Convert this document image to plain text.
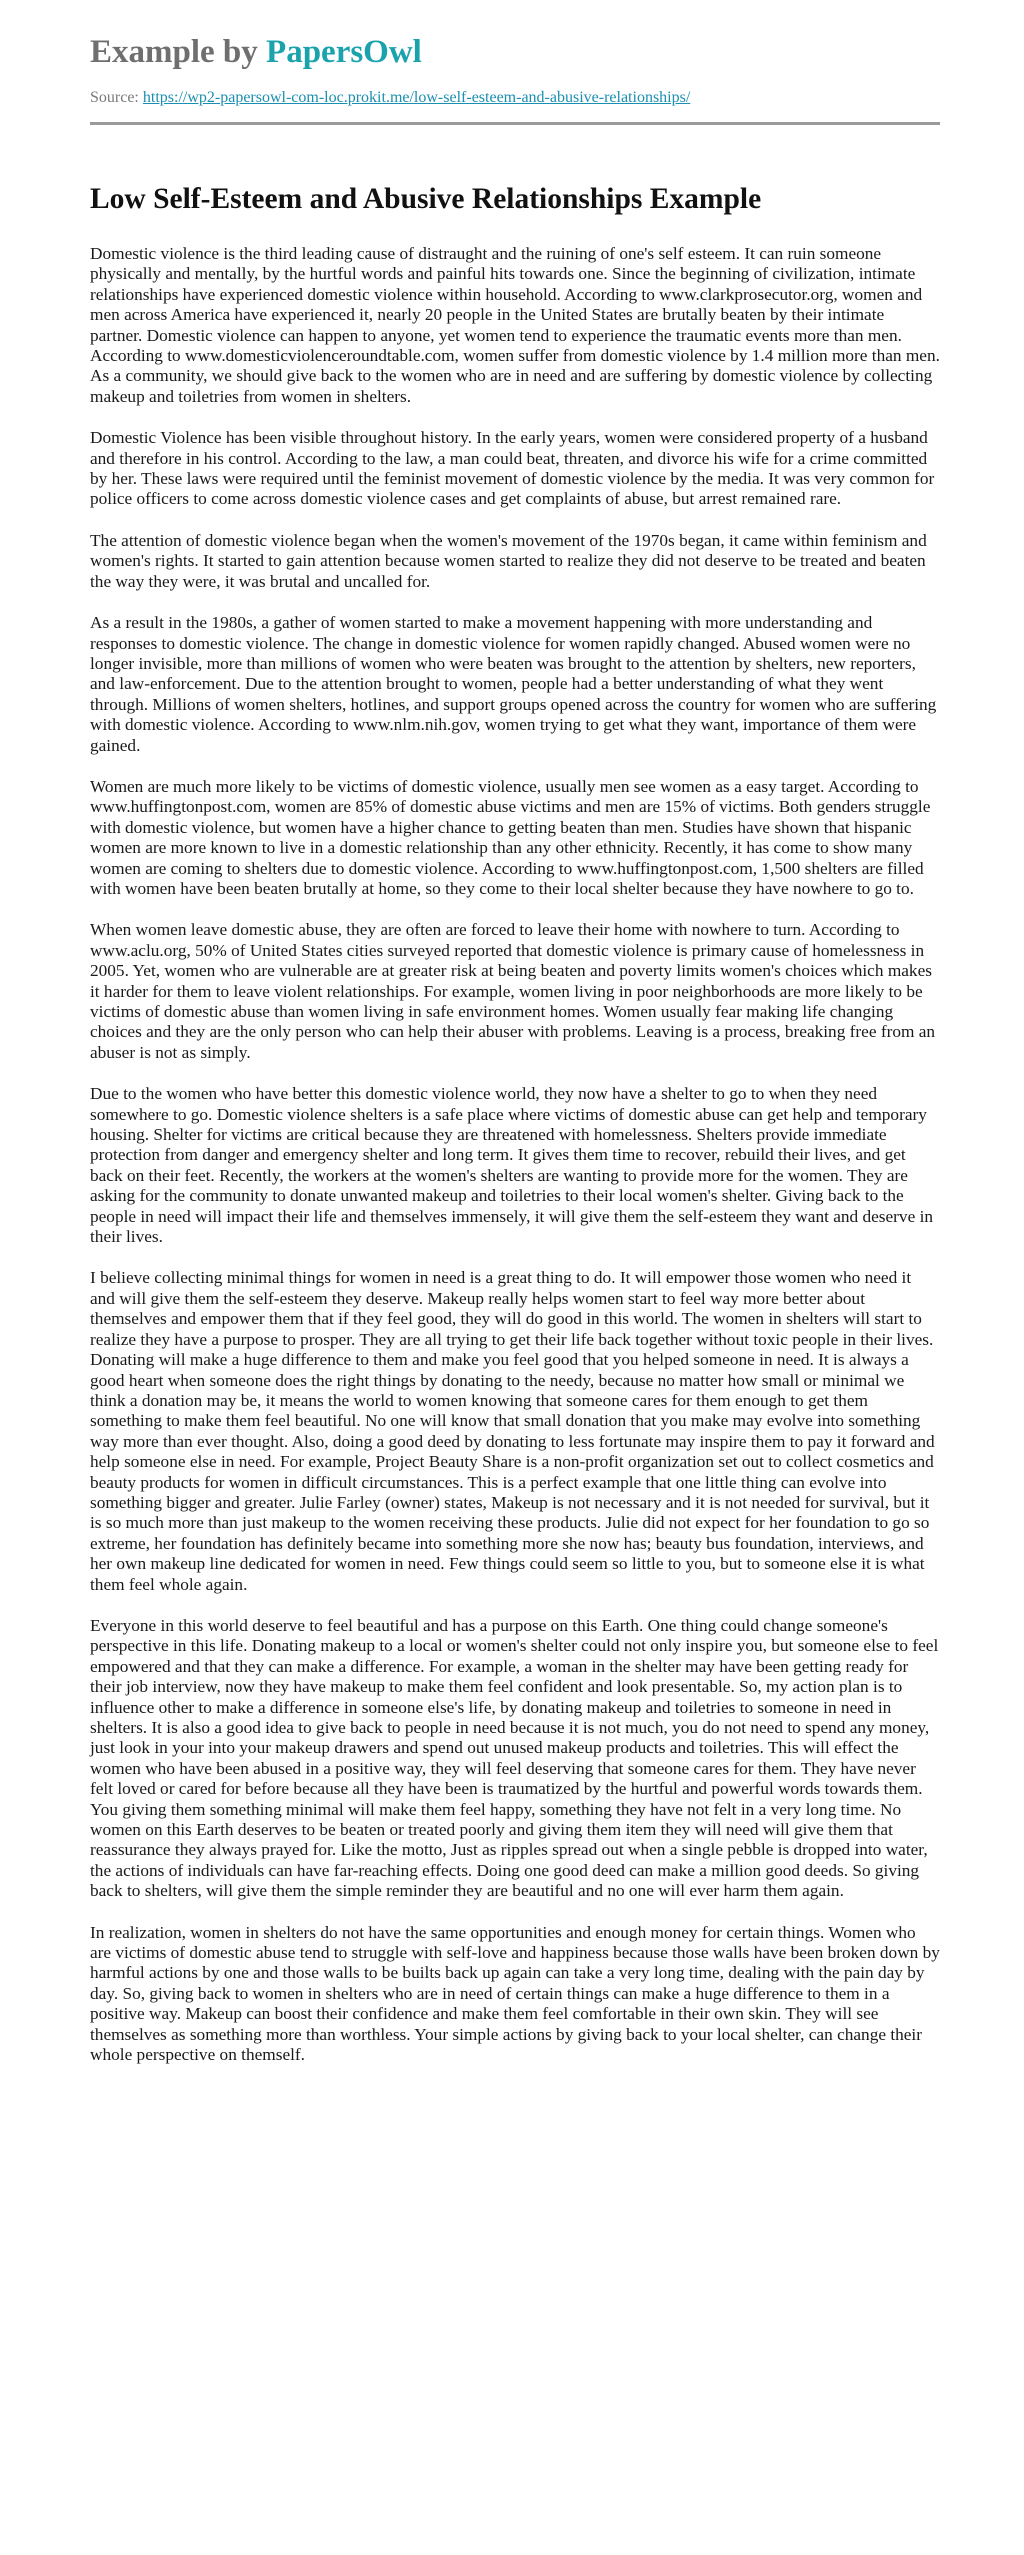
Example by PapersOwl
Source: https://wp2-papersowl-com-loc.prokit.me/low-self-esteem-and-abusive-relationships/
Low Self-Esteem and Abusive Relationships Example

Domestic violence is the third leading cause of distraught and the ruining of one's self esteem. It can ruin someone physically and mentally, by the hurtful words and painful hits towards one. Since the beginning of civilization, intimate relationships have experienced domestic violence within household. According to www.clarkprosecutor.org, women and men across America have experienced it, nearly 20 people in the United States are brutally beaten by their intimate partner. Domestic violence can happen to anyone, yet women tend to experience the traumatic events more than men. According to www.domesticviolenceroundtable.com, women suffer from domestic violence by 1.4 million more than men. As a community, we should give back to the women who are in need and are suffering by domestic violence by collecting makeup and toiletries from women in shelters.

Domestic Violence has been visible throughout history. In the early years, women were considered property of a husband and therefore in his control. According to the law, a man could beat, threaten, and divorce his wife for a crime committed by her. These laws were required until the feminist movement of domestic violence by the media. It was very common for police officers to come across domestic violence cases and get complaints of abuse, but arrest remained rare.

The attention of domestic violence began when the women's movement of the 1970s began, it came within feminism and women's rights. It started to gain attention because women started to realize they did not deserve to be treated and beaten the way they were, it was brutal and uncalled for.

As a result in the 1980s, a gather of women started to make a movement happening with more understanding and responses to domestic violence. The change in domestic violence for women rapidly changed. Abused women were no longer invisible, more than millions of women who were beaten was brought to the attention by shelters, new reporters, and law-enforcement. Due to the attention brought to women, people had a better understanding of what they went through. Millions of women shelters, hotlines, and support groups opened across the country for women who are suffering with domestic violence. According to www.nlm.nih.gov, women trying to get what they want, importance of them were gained.

Women are much more likely to be victims of domestic violence, usually men see women as a easy target. According to www.huffingtonpost.com, women are 85% of domestic abuse victims and men are 15% of victims. Both genders struggle with domestic violence, but women have a higher chance to getting beaten than men. Studies have shown that hispanic women are more known to live in a domestic relationship than any other ethnicity. Recently, it has come to show many women are coming to shelters due to domestic violence. According to www.huffingtonpost.com, 1,500 shelters are filled with women have been beaten brutally at home, so they come to their local shelter because they have nowhere to go to.

When women leave domestic abuse, they are often are forced to leave their home with nowhere to turn. According to www.aclu.org, 50% of United States cities surveyed reported that domestic violence is primary cause of homelessness in 2005. Yet, women who are vulnerable are at greater risk at being beaten and poverty limits women's choices which makes it harder for them to leave violent relationships. For example, women living in poor neighborhoods are more likely to be victims of domestic abuse than women living in safe environment homes. Women usually fear making life changing choices and they are the only person who can help their abuser with problems. Leaving is a process, breaking free from an abuser is not as simply.

Due to the women who have better this domestic violence world, they now have a shelter to go to when they need somewhere to go. Domestic violence shelters is a safe place where victims of domestic abuse can get help and temporary housing. Shelter for victims are critical because they are threatened with homelessness. Shelters provide immediate protection from danger and emergency shelter and long term. It gives them time to recover, rebuild their lives, and get back on their feet. Recently, the workers at the women's shelters are wanting to provide more for the women. They are asking for the community to donate unwanted makeup and toiletries to their local women's shelter. Giving back to the people in need will impact their life and themselves immensely, it will give them the self-esteem they want and deserve in their lives.

I believe collecting minimal things for women in need is a great thing to do. It will empower those women who need it and will give them the self-esteem they deserve. Makeup really helps women start to feel way more better about themselves and empower them that if they feel good, they will do good in this world. The women in shelters will start to realize they have a purpose to prosper. They are all trying to get their life back together without toxic people in their lives. Donating will make a huge difference to them and make you feel good that you helped someone in need. It is always a good heart when someone does the right things by donating to the needy, because no matter how small or minimal we think a donation may be, it means the world to women knowing that someone cares for them enough to get them something to make them feel beautiful. No one will know that small donation that you make may evolve into something way more than ever thought. Also, doing a good deed by donating to less fortunate may inspire them to pay it forward and help someone else in need. For example, Project Beauty Share is a non-profit organization set out to collect cosmetics and beauty products for women in difficult circumstances. This is a perfect example that one little thing can evolve into something bigger and greater. Julie Farley (owner) states, Makeup is not necessary and it is not needed for survival, but it is so much more than just makeup to the women receiving these products. Julie did not expect for her foundation to go so extreme, her foundation has definitely became into something more she now has; beauty bus foundation, interviews, and her own makeup line dedicated for women in need. Few things could seem so little to you, but to someone else it is what them feel whole again.

Everyone in this world deserve to feel beautiful and has a purpose on this Earth. One thing could change someone's perspective in this life. Donating makeup to a local or women's shelter could not only inspire you, but someone else to feel empowered and that they can make a difference. For example, a woman in the shelter may have been getting ready for their job interview, now they have makeup to make them feel confident and look presentable. So, my action plan is to influence other to make a difference in someone else's life, by donating makeup and toiletries to someone in need in shelters. It is also a good idea to give back to people in need because it is not much, you do not need to spend any money, just look in your into your makeup drawers and spend out unused makeup products and toiletries. This will effect the women who have been abused in a positive way, they will feel deserving that someone cares for them. They have never felt loved or cared for before because all they have been is traumatized by the hurtful and powerful words towards them. You giving them something minimal will make them feel happy, something they have not felt in a very long time. No women on this Earth deserves to be beaten or treated poorly and giving them item they will need will give them that reassurance they always prayed for. Like the motto, Just as ripples spread out when a single pebble is dropped into water, the actions of individuals can have far-reaching effects. Doing one good deed can make a million good deeds. So giving back to shelters, will give them the simple reminder they are beautiful and no one will ever harm them again.

In realization, women in shelters do not have the same opportunities and enough money for certain things. Women who are victims of domestic abuse tend to struggle with self-love and happiness because those walls have been broken down by harmful actions by one and those walls to be builts back up again can take a very long time, dealing with the pain day by day. So, giving back to women in shelters who are in need of certain things can make a huge difference to them in a positive way. Makeup can boost their confidence and make them feel comfortable in their own skin. They will see themselves as something more than worthless. Your simple actions by giving back to your local shelter, can change their whole perspective on themself.
